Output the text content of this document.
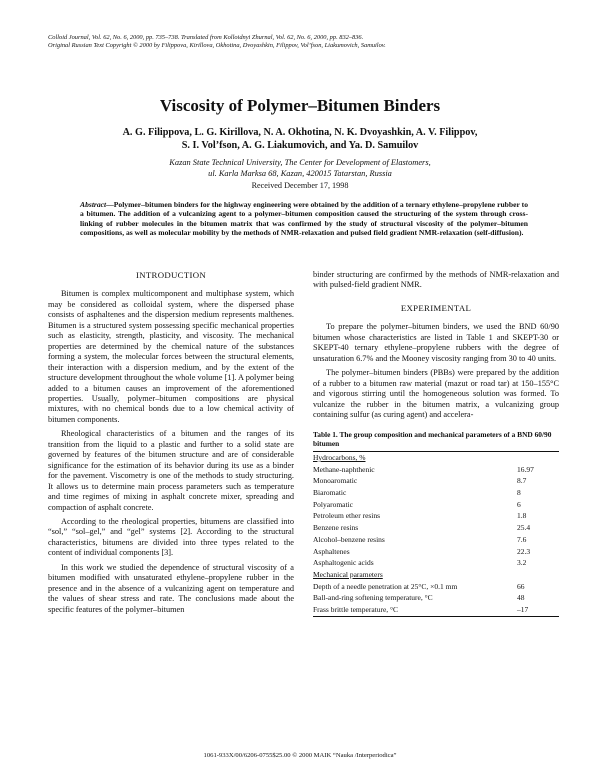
Colloid Journal, Vol. 62, No. 6, 2000, pp. 735–738. Translated from Kolloidnyi Zhurnal, Vol. 62, No. 6, 2000, pp. 832–836.
Original Russian Text Copyright © 2000 by Filippova, Kirillova, Okhotina, Dvoyashkin, Filippov, Vol’fson, Liakumovich, Samuilov.
Viscosity of Polymer–Bitumen Binders
A. G. Filippova, L. G. Kirillova, N. A. Okhotina, N. K. Dvoyashkin, A. V. Filippov,
S. I. Vol’fson, A. G. Liakumovich, and Ya. D. Samuilov
Kazan State Technical University, The Center for Development of Elastomers,
ul. Karla Marksa 68, Kazan, 420015 Tatarstan, Russia
Received December 17, 1998
Abstract—Polymer–bitumen binders for the highway engineering were obtained by the addition of a ternary ethylene–propylene rubber to a bitumen. The addition of a vulcanizing agent to a polymer–bitumen composition caused the structuring of the system through cross-linking of rubber molecules in the bitumen matrix that was confirmed by the study of structural viscosity of the polymer–bitumen compositions, as well as molecular mobility by the methods of NMR-relaxation and pulsed field gradient NMR-relaxation (self-diffusion).
INTRODUCTION

Bitumen is complex multicomponent and multiphase system, which may be considered as colloidal system, where the dispersed phase consists of asphaltenes and the dispersion medium represents malthenes. Bitumen is a structured system possessing specific mechanical properties such as elasticity, strength, plasticity, and viscosity. The mechanical properties are determined by the chemical nature of the substances forming a system, the molecular forces between the structural elements, their interaction with a dispersion medium, and by the extent of the structure development throughout the whole volume [1]. A polymer being added to a bitumen causes an improvement of the aforementioned properties. Usually, polymer–bitumen compositions are physical mixtures, with no chemical bonds due to a low chemical activity of bitumen components.

Rheological characteristics of a bitumen and the ranges of its transition from the liquid to a plastic and further to a solid state are governed by features of the bitumen structure and are of considerable significance for the estimation of its behavior during its use as a binder for the pavement. Viscometry is one of the methods to study structuring. It allows us to determine main process parameters such as temperature and time regimes of mixing in asphalt concrete mixer, spreading and compaction of asphalt concrete.

According to the rheological properties, bitumens are classified into “sol,” “sol–gel,” and “gel” systems [2]. According to the structural characteristics, bitumens are divided into three types related to the content of individual components [3].

In this work we studied the dependence of structural viscosity of a bitumen modified with unsaturated ethylene–propylene rubber in the presence and in the absence of a vulcanizing agent on temperature and the values of shear stress and rate. The conclusions made about the specific features of the polymer–bitumen

binder structuring are confirmed by the methods of NMR-relaxation and with pulsed-field gradient NMR.

EXPERIMENTAL

To prepare the polymer–bitumen binders, we used the BND 60/90 bitumen whose characteristics are listed in Table 1 and SKEPT-30 or SKEPT-40 ternary ethylene–propylene rubbers with the degree of unsaturation 6.7% and the Mooney viscosity ranging from 30 to 40 units.

The polymer–bitumen binders (PBBs) were prepared by the addition of a rubber to a bitumen raw material (mazut or road tar) at 150–155°C and vigorous stirring until the homogeneous solution was formed. To vulcanize the rubber in the bitumen matrix, a vulcanizing group containing sulfur (as curing agent) and accelera-

Table 1. The group composition and mechanical parameters of a BND 60/90 bitumen
Hydrocarbons, %	
Methane-naphthenic	16.97
Monoaromatic	8.7
Biaromatic	8
Polyaromatic	6
Petroleum ether resins	1.8
Benzene resins	25.4
Alcohol–benzene resins	7.6
Asphaltenes	22.3
Asphaltogenic acids	3.2
Mechanical parameters	
Depth of a needle penetration at 25°C, ×0.1 mm	66
Ball-and-ring softening temperature, °C	48
Frass brittle temperature, °C	–17
1061-933X/00/6206-0755$25.00 © 2000 MAIK “Nauka /Interperiodica”
